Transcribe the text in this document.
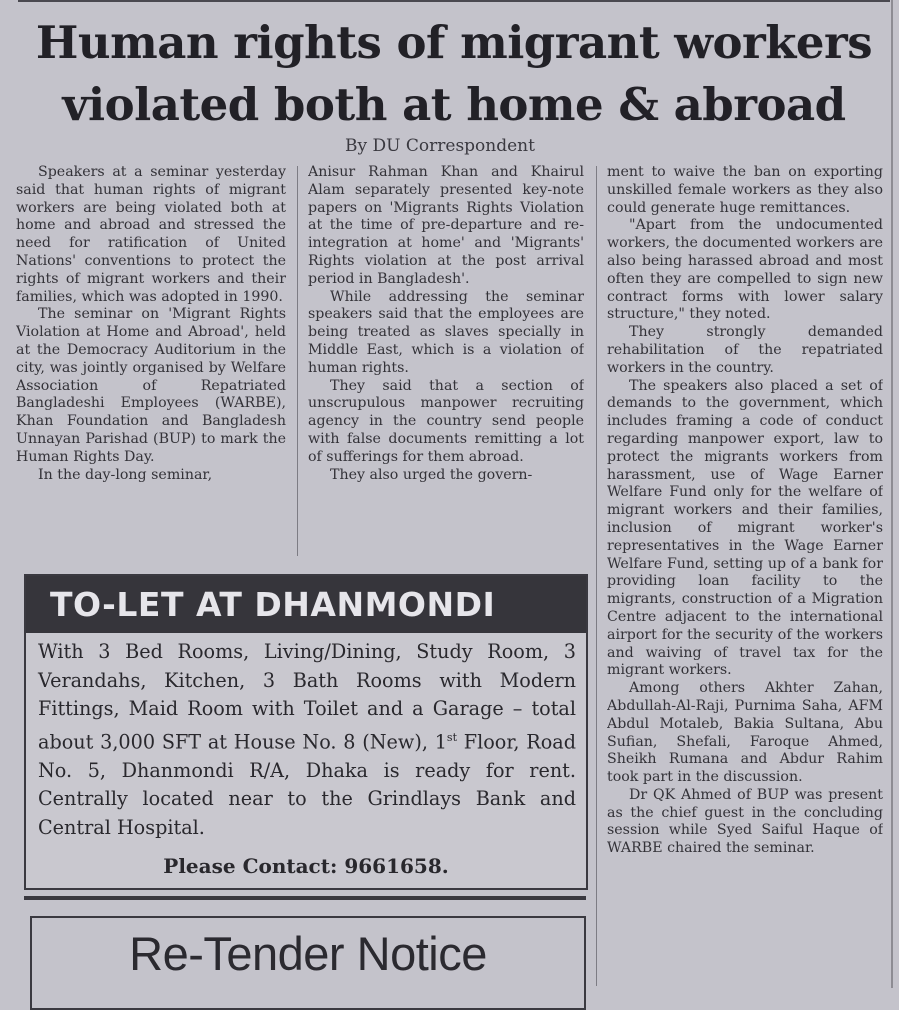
Human rights of migrant workers
violated both at home & abroad
By DU Correspondent

Speakers at a seminar yesterday said that human rights of migrant workers are being violated both at home and abroad and stressed the need for ratification of United Nations' conventions to protect the rights of migrant workers and their families, which was adopted in 1990.

The seminar on 'Migrant Rights Violation at Home and Abroad', held at the Democracy Auditorium in the city, was jointly organised by Welfare Association of Repatriated Bangladeshi Employees (WARBE), Khan Foundation and Bangladesh Unnayan Parishad (BUP) to mark the Human Rights Day.

In the day-long seminar,

Anisur Rahman Khan and Khairul Alam separately presented key-note papers on 'Migrants Rights Violation at the time of pre-departure and re-integration at home' and 'Migrants' Rights violation at the post arrival period in Bangladesh'.

While addressing the seminar speakers said that the employees are being treated as slaves specially in Middle East, which is a violation of human rights.

They said that a section of unscrupulous manpower recruiting agency in the country send people with false documents remitting a lot of sufferings for them abroad.

They also urged the govern-

ment to waive the ban on exporting unskilled female workers as they also could generate huge remittances.

"Apart from the undocumented workers, the documented workers are also being harassed abroad and most often they are compelled to sign new contract forms with lower salary structure," they noted.

They strongly demanded rehabilitation of the repatriated workers in the country.

The speakers also placed a set of demands to the government, which includes framing a code of conduct regarding manpower export, law to protect the migrants workers from harassment, use of Wage Earner Welfare Fund only for the welfare of migrant workers and their families, inclusion of migrant worker's representatives in the Wage Earner Welfare Fund, setting up of a bank for providing loan facility to the migrants, construction of a Migration Centre adjacent to the international airport for the security of the workers and waiving of travel tax for the migrant workers.

Among others Akhter Zahan, Abdullah-Al-Raji, Purnima Saha, AFM Abdul Motaleb, Bakia Sultana, Abu Sufian, Shefali, Faroque Ahmed, Sheikh Rumana and Abdur Rahim took part in the discussion.

Dr QK Ahmed of BUP was present as the chief guest in the concluding session while Syed Saiful Haque of WARBE chaired the seminar.

TO-LET AT DHANMONDI
With 3 Bed Rooms, Living/Dining, Study Room, 3 Verandahs, Kitchen, 3 Bath Rooms with Modern Fittings, Maid Room with Toilet and a Garage – total about 3,000 SFT at House No. 8 (New), 1st Floor, Road No. 5, Dhanmondi R/A, Dhaka is ready for rent. Centrally located near to the Grindlays Bank and Central Hospital.
Please Contact: 9661658.
Re-Tender Notice
